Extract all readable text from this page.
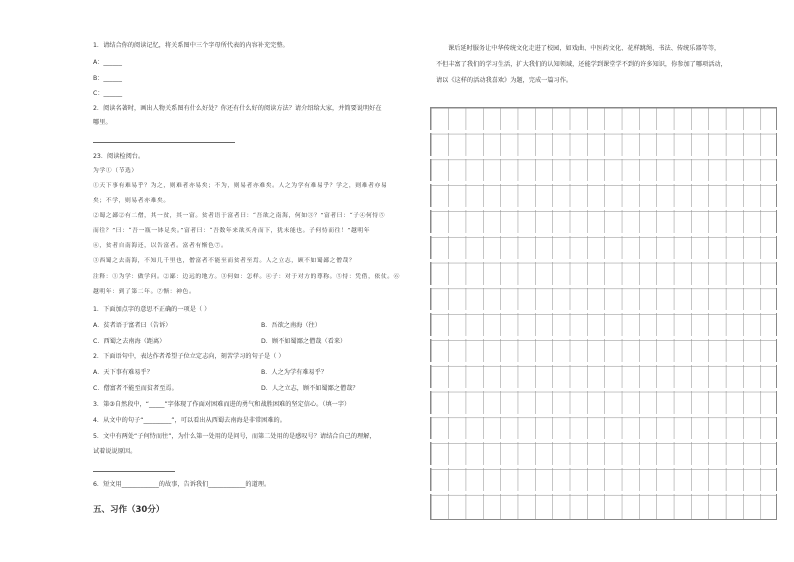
1．请结合你的阅读记忆，将关系图中三个字母所代表的内容补充完整。
A：______
B：______
C：______
2．阅读名著时，画出人物关系图有什么好处？你还有什么好的阅读方法？请介绍给大家，并简要说明好在
哪里。
23．阅读检阅台。
为学①（节选）
①天下事有难易乎？为之，则难者亦易矣；不为，则易者亦难矣。人之为学有难易乎？学之，则难者亦易
矣；不学，则易者亦难矣。
②蜀之鄙②有二僧，其一贫，其一富。贫者语于富者曰：“吾欲之南海，何如③？”富者曰：“子④何恃⑤
而往？”曰：“吾一瓶一钵足矣。”富者曰：“吾数年来欲买舟而下，犹未能也。子何恃而往！”越明年
⑥，贫者自南海还，以告富者。富者有惭色⑦。
③西蜀之去南海，不知几千里也，僧富者不能至而贫者至焉。人之立志，顾不如蜀鄙之僧哉？
注释：①为学：做学问。②鄙：边远的地方。③何如：怎样。④子：对于对方的尊称。⑤恃：凭借，依仗。⑥
越明年：到了第二年。⑦惭：神色。
1．下面加点字的意思不正确的一项是（ ）
A．贫者语于富者曰（告诉）	B．吾欲之南海（往）
C．西蜀之去南海（距离）	D．顾不如蜀鄙之僧哉（看来）
2．下面语句中，表达作者希望子位立定志向，刻苦学习的句子是（ ）
A．天下事有难易乎？	B．人之为学有难易乎？
C．僧富者不能至而贫者至焉。	D．人之立志，顾不如蜀鄙之僧哉？
3．第③自然段中，“_____”字体现了作面对困难而进的勇气和战胜困难的坚定信心。（填一字）
4．从文中的句子“_________”，可以看出从西蜀去南海是非常困难的。
5．文中有两处“子何恃而往”，为什么第一处用的是问号，而第二处用的是感叹号？请结合自己的理解，
试着说说原因。
6．短文用____________的故事，告诉我们____________的道理。
五、习作（30分）
课后延时服务让中华传统文化走进了校园，如戏曲、中医药文化、花样跳绳、书法、传统乐器等等，
不但丰富了我们的学习生活，扩大我们的认知领域，还能学到课堂学不到的许多知识，你参加了哪项活动，
请以《这样的活动我喜欢》为题，完成一篇习作。
